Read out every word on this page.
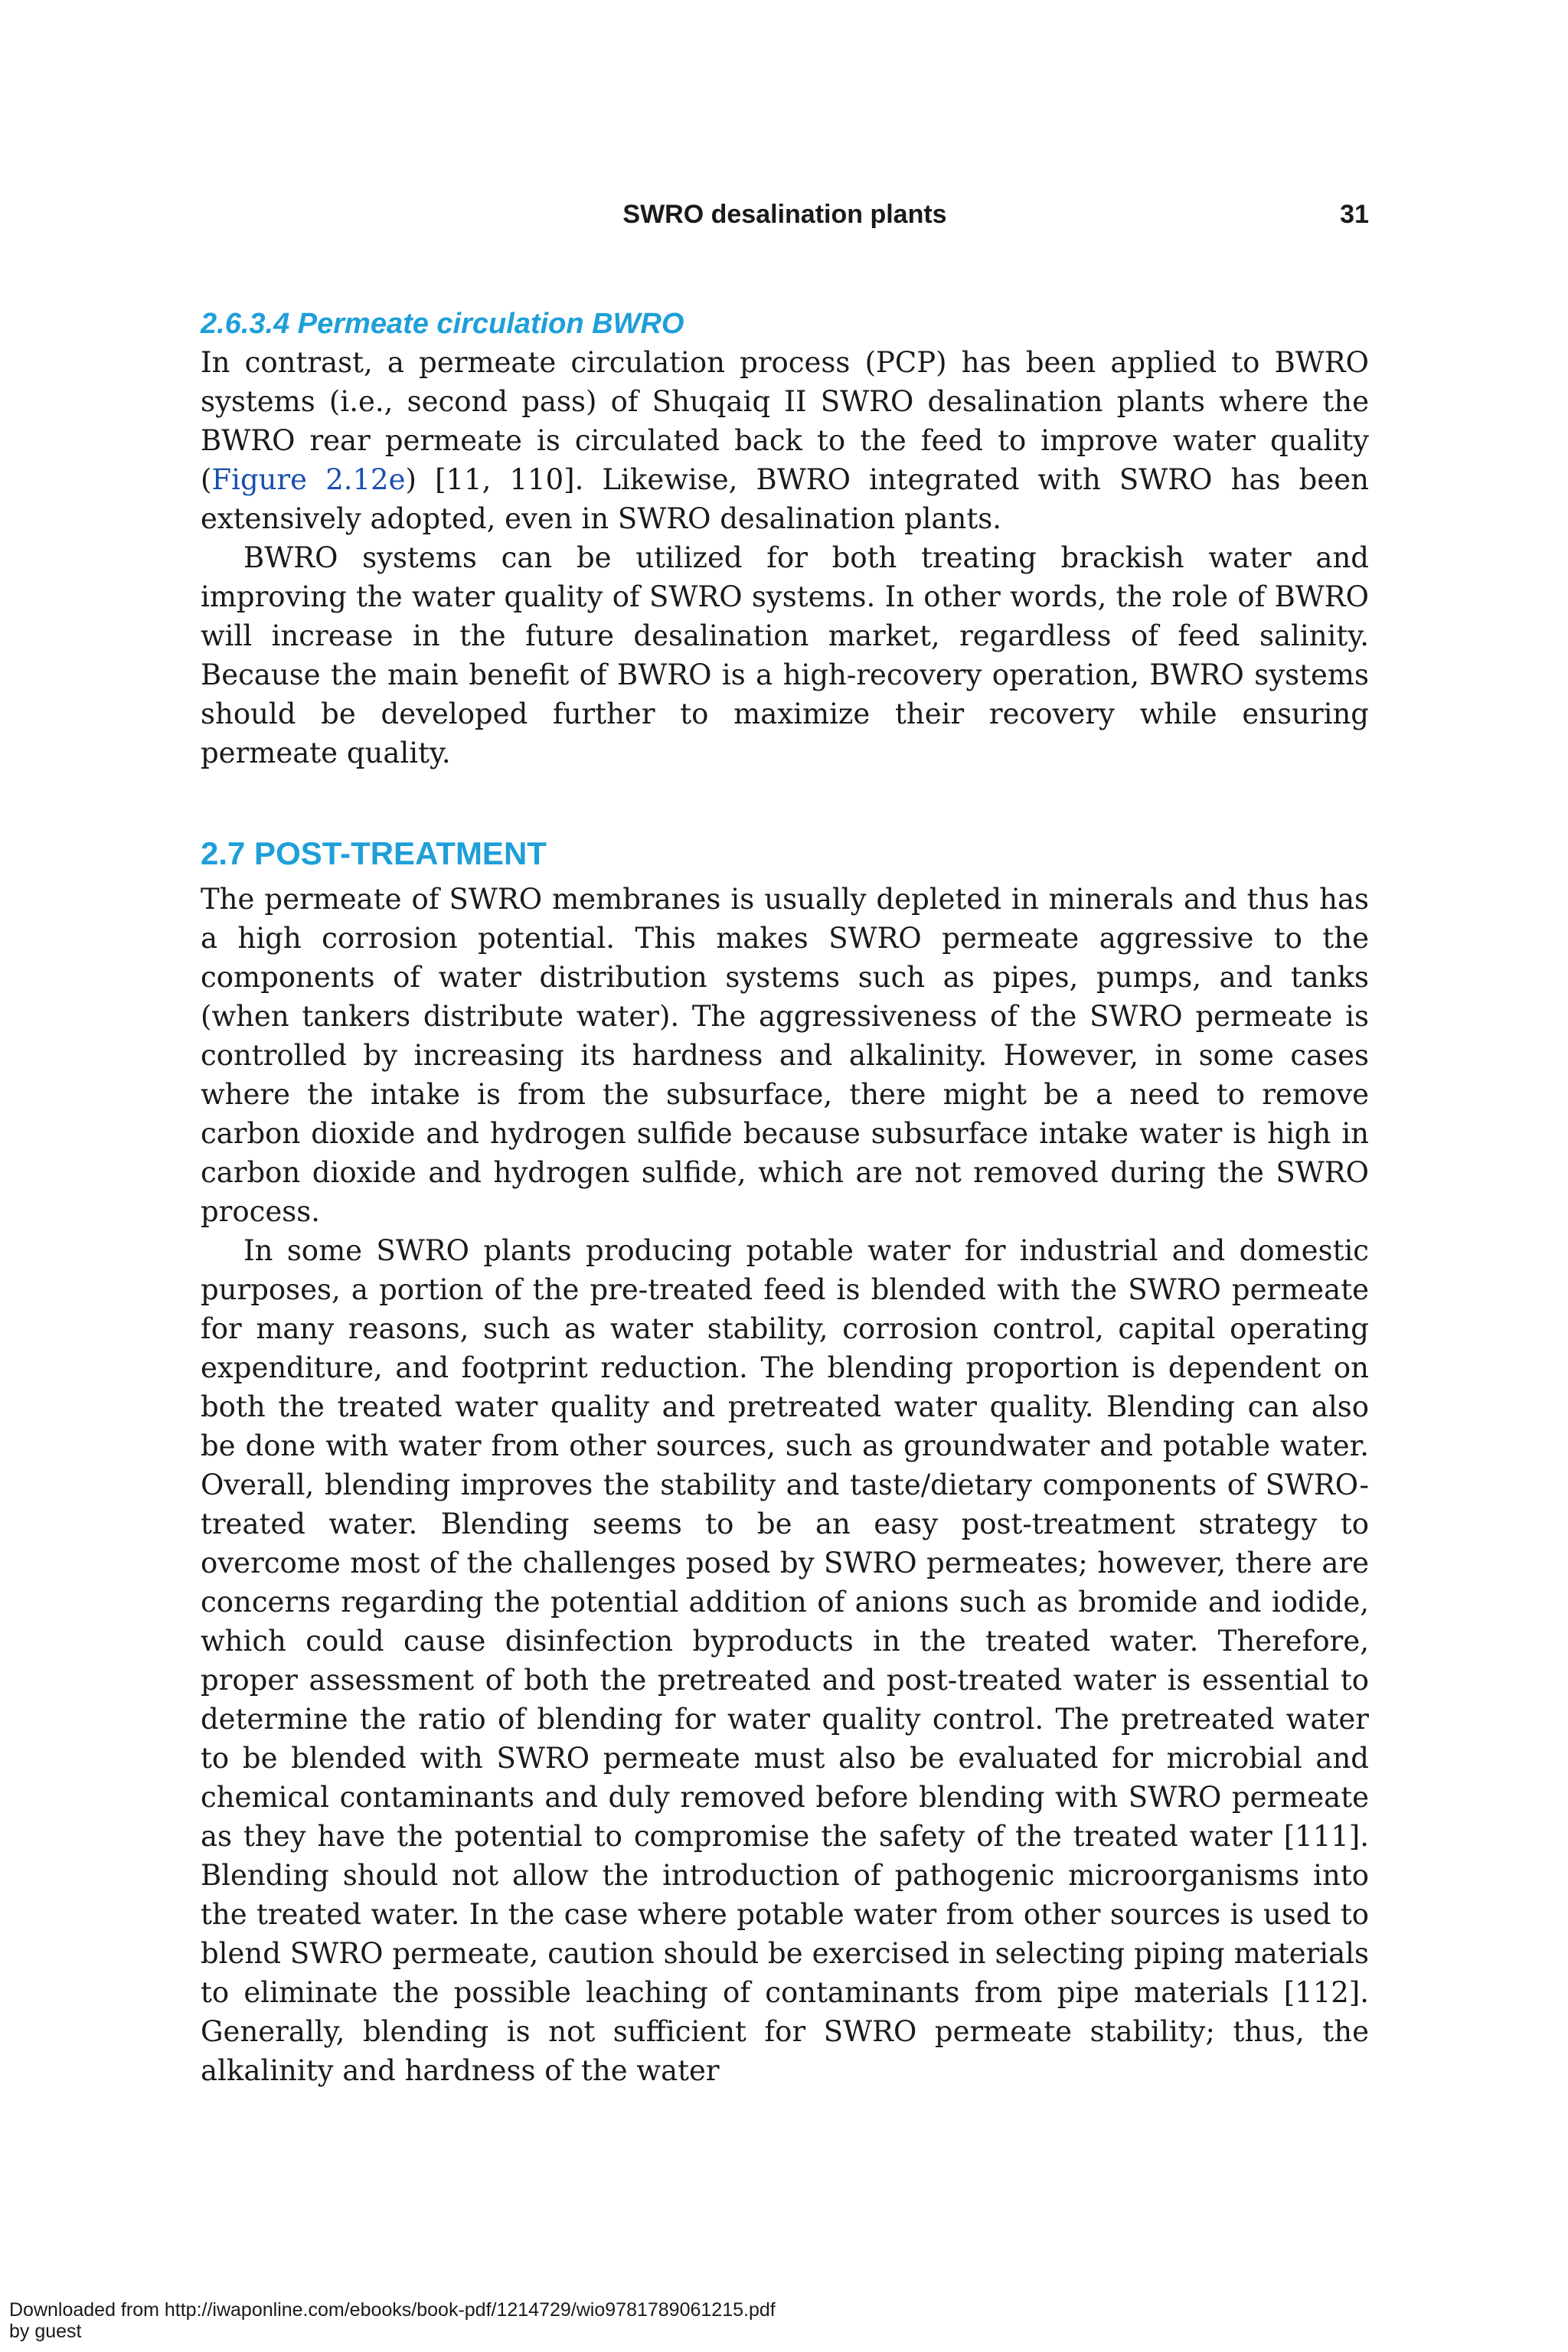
SWRO desalination plants	31
2.6.3.4 Permeate circulation BWRO

In contrast, a permeate circulation process (PCP) has been applied to BWRO systems (i.e., second pass) of Shuqaiq II SWRO desalination plants where the BWRO rear permeate is circulated back to the feed to improve water quality (Figure 2.12e) [11, 110]. Likewise, BWRO integrated with SWRO has been extensively adopted, even in SWRO desalination plants.

BWRO systems can be utilized for both treating brackish water and improving the water quality of SWRO systems. In other words, the role of BWRO will increase in the future desalination market, regardless of feed salinity. Because the main benefit of BWRO is a high-recovery operation, BWRO systems should be developed further to maximize their recovery while ensuring permeate quality.

2.7 POST-TREATMENT

The permeate of SWRO membranes is usually depleted in minerals and thus has a high corrosion potential. This makes SWRO permeate aggressive to the components of water distribution systems such as pipes, pumps, and tanks (when tankers distribute water). The aggressiveness of the SWRO permeate is controlled by increasing its hardness and alkalinity. However, in some cases where the intake is from the subsurface, there might be a need to remove carbon dioxide and hydrogen sulfide because subsurface intake water is high in carbon dioxide and hydrogen sulfide, which are not removed during the SWRO process.

In some SWRO plants producing potable water for industrial and domestic purposes, a portion of the pre-treated feed is blended with the SWRO permeate for many reasons, such as water stability, corrosion control, capital operating expenditure, and footprint reduction. The blending proportion is dependent on both the treated water quality and pretreated water quality. Blending can also be done with water from other sources, such as groundwater and potable water. Overall, blending improves the stability and taste/dietary components of SWRO-treated water. Blending seems to be an easy post-treatment strategy to overcome most of the challenges posed by SWRO permeates; however, there are concerns regarding the potential addition of anions such as bromide and iodide, which could cause disinfection byproducts in the treated water. Therefore, proper assessment of both the pretreated and post-treated water is essential to determine the ratio of blending for water quality control. The pretreated water to be blended with SWRO permeate must also be evaluated for microbial and chemical contaminants and duly removed before blending with SWRO permeate as they have the potential to compromise the safety of the treated water [111]. Blending should not allow the introduction of pathogenic microorganisms into the treated water. In the case where potable water from other sources is used to blend SWRO permeate, caution should be exercised in selecting piping materials to eliminate the possible leaching of contaminants from pipe materials [112]. Generally, blending is not sufficient for SWRO permeate stability; thus, the alkalinity and hardness of the water

Downloaded from http://iwaponline.com/ebooks/book-pdf/1214729/wio9781789061215.pdf
by guest
